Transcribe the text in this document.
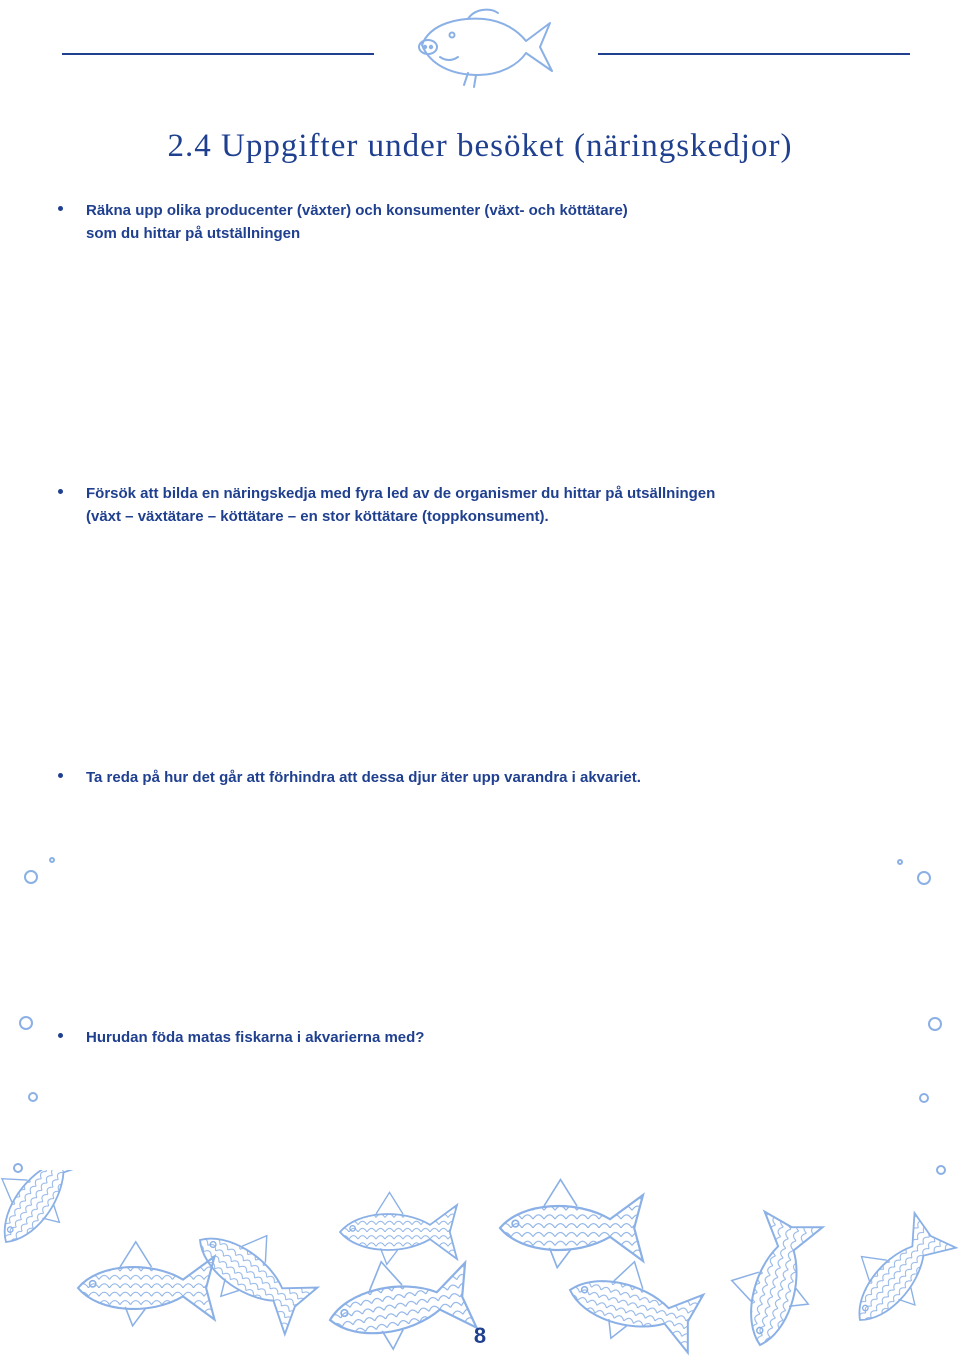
2.4 Uppgifter under besöket (näringskedjor)
Räkna upp olika producenter (växter) och konsumenter (växt- och köttätare)
som du hittar på utställningen
Försök att bilda en näringskedja med fyra led av de organismer du hittar på utsällningen
(växt – växtätare – köttätare – en stor köttätare (toppkonsument).
Ta reda på hur det går att förhindra att dessa djur äter upp varandra i akvariet.
Hurudan föda matas fiskarna i akvarierna med?
8
